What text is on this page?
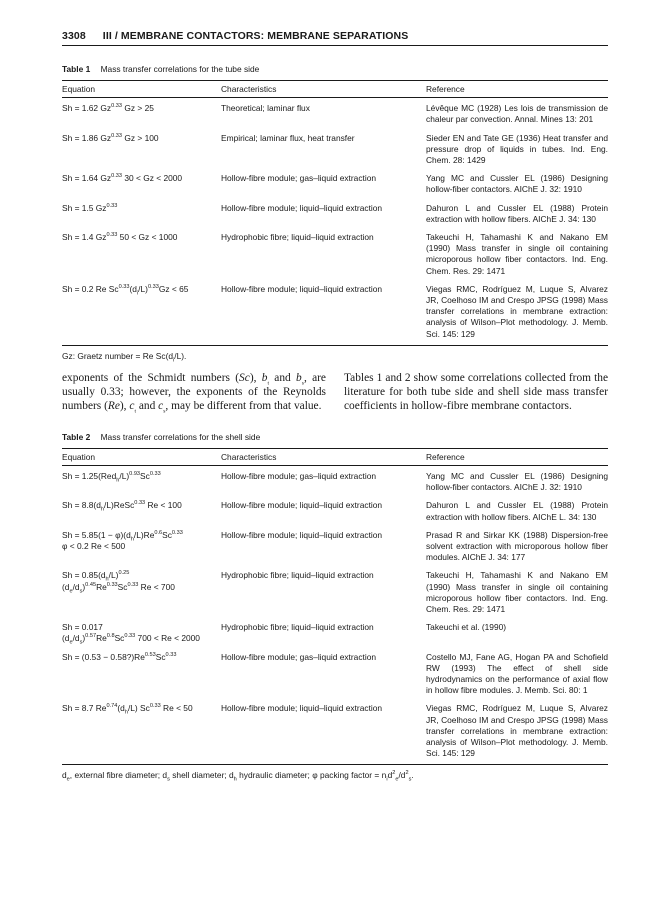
3308 III / MEMBRANE CONTACTORS: MEMBRANE SEPARATIONS
Table 1 Mass transfer correlations for the tube side
Equation	Characteristics	Reference
Sh = 1.62 $Gz^{0.33}$ Gz > 25	Theoretical; laminar flux	Lévêque MC (1928) Les lois de transmission de chaleur par convection. Annal. Mines 13: 201
Sh = 1.86 $Gz^{0.33}$ Gz > 100	Empirical; laminar flux, heat transfer	Sieder EN and Tate GE (1936) Heat transfer and pressure drop of liquids in tubes. Ind. Eng. Chem. 28: 1429
Sh = 1.64 $Gz^{0.33}$ 30 < Gz < 2000	Hollow-fibre module; gas–liquid extraction	Yang MC and Cussler EL (1986) Designing hollow-fiber contactors. AIChE J. 32: 1910
Sh = 1.5 $Gz^{0.33}$	Hollow-fibre module; liquid–liquid extraction	Dahuron L and Cussler EL (1988) Protein extraction with hollow fibers. AIChE J. 34: 130
Sh = 1.4 $Gz^{0.33}$ 50 < Gz < 1000	Hydrophobic fibre; liquid–liquid extraction	Takeuchi H, Tahamashi K and Nakano EM (1990) Mass transfer in single oil containing microporous hollow fiber contactors. Ind. Eng. Chem. Res. 29: 1471
Sh = 0.2 Re $Sc^{0.33}(d_i/L)^{0.33}Gz < 65$	Hollow-fibre module; liquid–liquid extraction	Viegas RMC, Rodríguez M, Luque S, Alvarez JR, Coelhoso IM and Crespo JPSG (1998) Mass transfer correlations in membrane extraction: analysis of Wilson–Plot methodology. J. Memb. Sci. 145: 129
Gz: Graetz number = Re $Sc(d_i/L)$.
exponents of the Schmidt numbers (Sc), $b_t$ and $b_s$, are usually 0.33; however, the exponents of the Reynolds numbers (Re), $c_t$ and $c_s$, may be different from that value.
Tables 1 and 2 show some correlations collected from the literature for both tube side and shell side mass transfer coefficients in hollow-fibre membrane contactors.
Table 2 Mass transfer correlations for the shell side
Equation	Characteristics	Reference
$Sh = 1.25(Red_h/L)^{0.93}Sc^{0.33}$	Hollow-fibre module; gas–liquid extraction	Yang MC and Cussler EL (1986) Designing hollow-fiber contactors. AIChE J. 32: 1910
$Sh = 8.8(d_h/L)ReSc^{0.33}$ Re < 100	Hollow-fibre module; liquid–liquid extraction	Dahuron L and Cussler EL (1988) Protein extraction with hollow fibers. AIChE L. 34: 130
$Sh = 5.85(1 - \varphi)(d_h/L)Re^{0.6}Sc^{0.33}$
φ < 0.2 Re < 500	Hollow-fibre module; liquid–liquid extraction	Prasad R and Sirkar KK (1988) Dispersion-free solvent extraction with microporous hollow fiber modules. AIChE J. 34: 177
$Sh = 0.85(d_h/L)^{0.25}$
$(d_e/d_s)^{0.45}Re^{0.33}Sc^{0.33}$ Re < 700	Hydrophobic fibre; liquid–liquid extraction	Takeuchi H, Tahamashi K and Nakano EM (1990) Mass transfer in single oil containing microporous hollow fiber contactors. Ind. Eng. Chem. Res. 29: 1471
Sh = 0.017
$(d_e/d_s)^{0.57}Re^{0.8}Sc^{0.33}$ 700 < Re < 2000	Hydrophobic fibre; liquid–liquid extraction	Takeuchi et al. (1990)
$Sh = (0.53 - 0.58?)Re^{0.53}Sc^{0.33}$	Hollow-fibre module; gas–liquid extraction	Costello MJ, Fane AG, Hogan PA and Schofield RW (1993) The effect of shell side hydrodynamics on the performance of axial flow in hollow fibre modules. J. Memb. Sci. 80: 1
Sh = 8.7 $Re^{0.74}(d_h/L)$ $Sc^{0.33}$ Re < 50	Hollow-fibre module; liquid–liquid extraction	Viegas RMC, Rodríguez M, Luque S, Alvarez JR, Coelhoso IM and Crespo JPSG (1998) Mass transfer correlations in membrane extraction: analysis of Wilson–Plot methodology. J. Memb. Sci. 145: 129
$d_e$, external fibre diameter; $d_s$ shell diameter; $d_h$ hydraulic diameter; φ packing factor = $n_id^2_e/d^2_s$.
